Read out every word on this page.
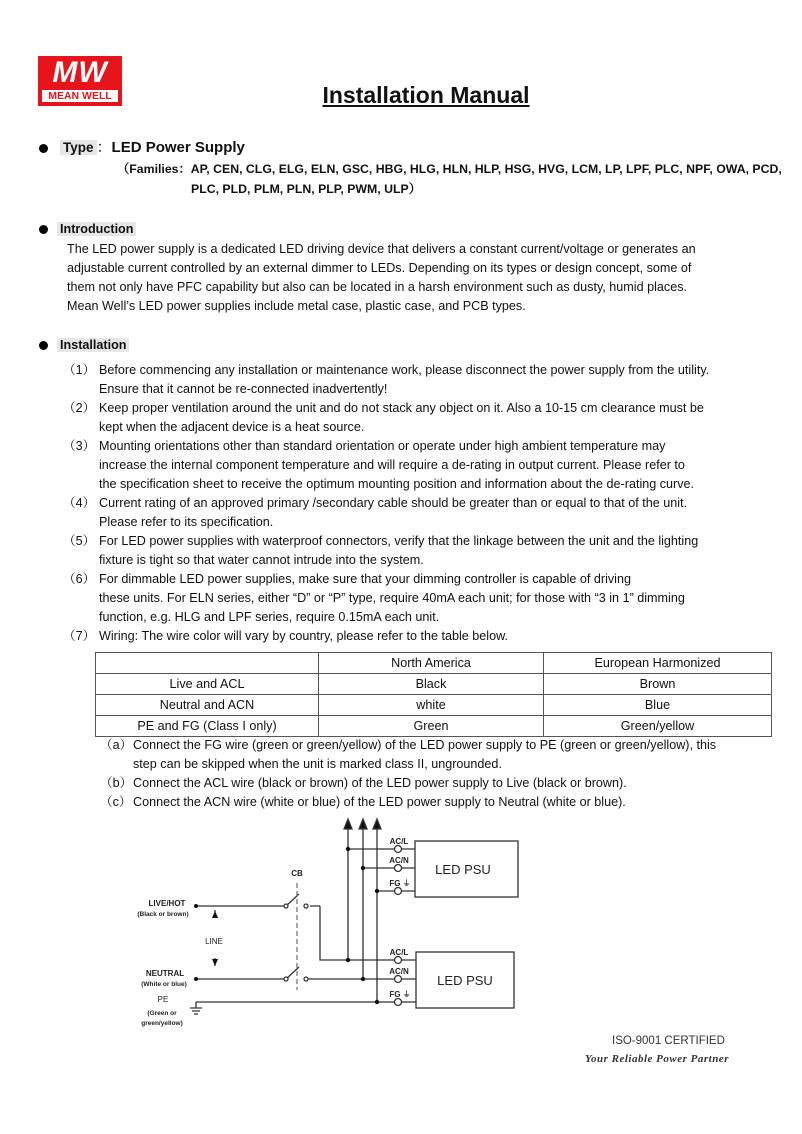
MW
MEAN WELL	Installation Manual
Type ：LED Power Supply
（Families：AP, CEN, CLG, ELG, ELN, GSC, HBG, HLG, HLN, HLP, HSG, HVG, LCM, LP, LPF, PLC, NPF, OWA, PCD,
PLC, PLD, PLM, PLN, PLP, PWM, ULP）
Introduction
The LED power supply is a dedicated LED driving device that delivers a constant current/voltage or generates an
adjustable current controlled by an external dimmer to LEDs. Depending on its types or design concept, some of
them not only have PFC capability but also can be located in a harsh environment such as dusty, humid places.
Mean Well’s LED power supplies include metal case, plastic case, and PCB types.
Installation
（1） Before commencing any installation or maintenance work, please disconnect the power supply from the utility.
Ensure that it cannot be re-connected inadvertently!
（2） Keep proper ventilation around the unit and do not stack any object on it. Also a 10-15 cm clearance must be
kept when the adjacent device is a heat source.
（3） Mounting orientations other than standard orientation or operate under high ambient temperature may
increase the internal component temperature and will require a de-rating in output current. Please refer to
the specification sheet to receive the optimum mounting position and information about the de-rating curve.
（4） Current rating of an approved primary /secondary cable should be greater than or equal to that of the unit.
Please refer to its specification.
（5） For LED power supplies with waterproof connectors, verify that the linkage between the unit and the lighting
fixture is tight so that water cannot intrude into the system.
（6） For dimmable LED power supplies, make sure that your dimming controller is capable of driving
these units. For ELN series, either “D” or “P” type, require 40mA each unit; for those with “3 in 1” dimming
function, e.g. HLG and LPF series, require 0.15mA each unit.
（7） Wiring: The wire color will vary by country, please refer to the table below.
	North America	European Harmonized
Live and ACL	Black	Brown
Neutral and ACN	white	Blue
PE and FG (Class I only)	Green	Green/yellow
（a） Connect the FG wire (green or green/yellow) of the LED power supply to PE (green or green/yellow), this
step can be skipped when the unit is marked class II, ungrounded.
（b） Connect the ACL wire (black or brown) of the LED power supply to Live (black or brown).
（c） Connect the ACN wire (white or blue) of the LED power supply to Neutral (white or blue).
CB
LIVE/HOT
(Black or brown)
LINE
NEUTRAL
(White or blue)
PE
(Green or
green/yellow)
AC/L
AC/N
FG ⏚
AC/L
AC/N
FG ⏚
LED PSU
LED PSU
ISO-9001 CERTIFIED
Your Reliable Power Partner
